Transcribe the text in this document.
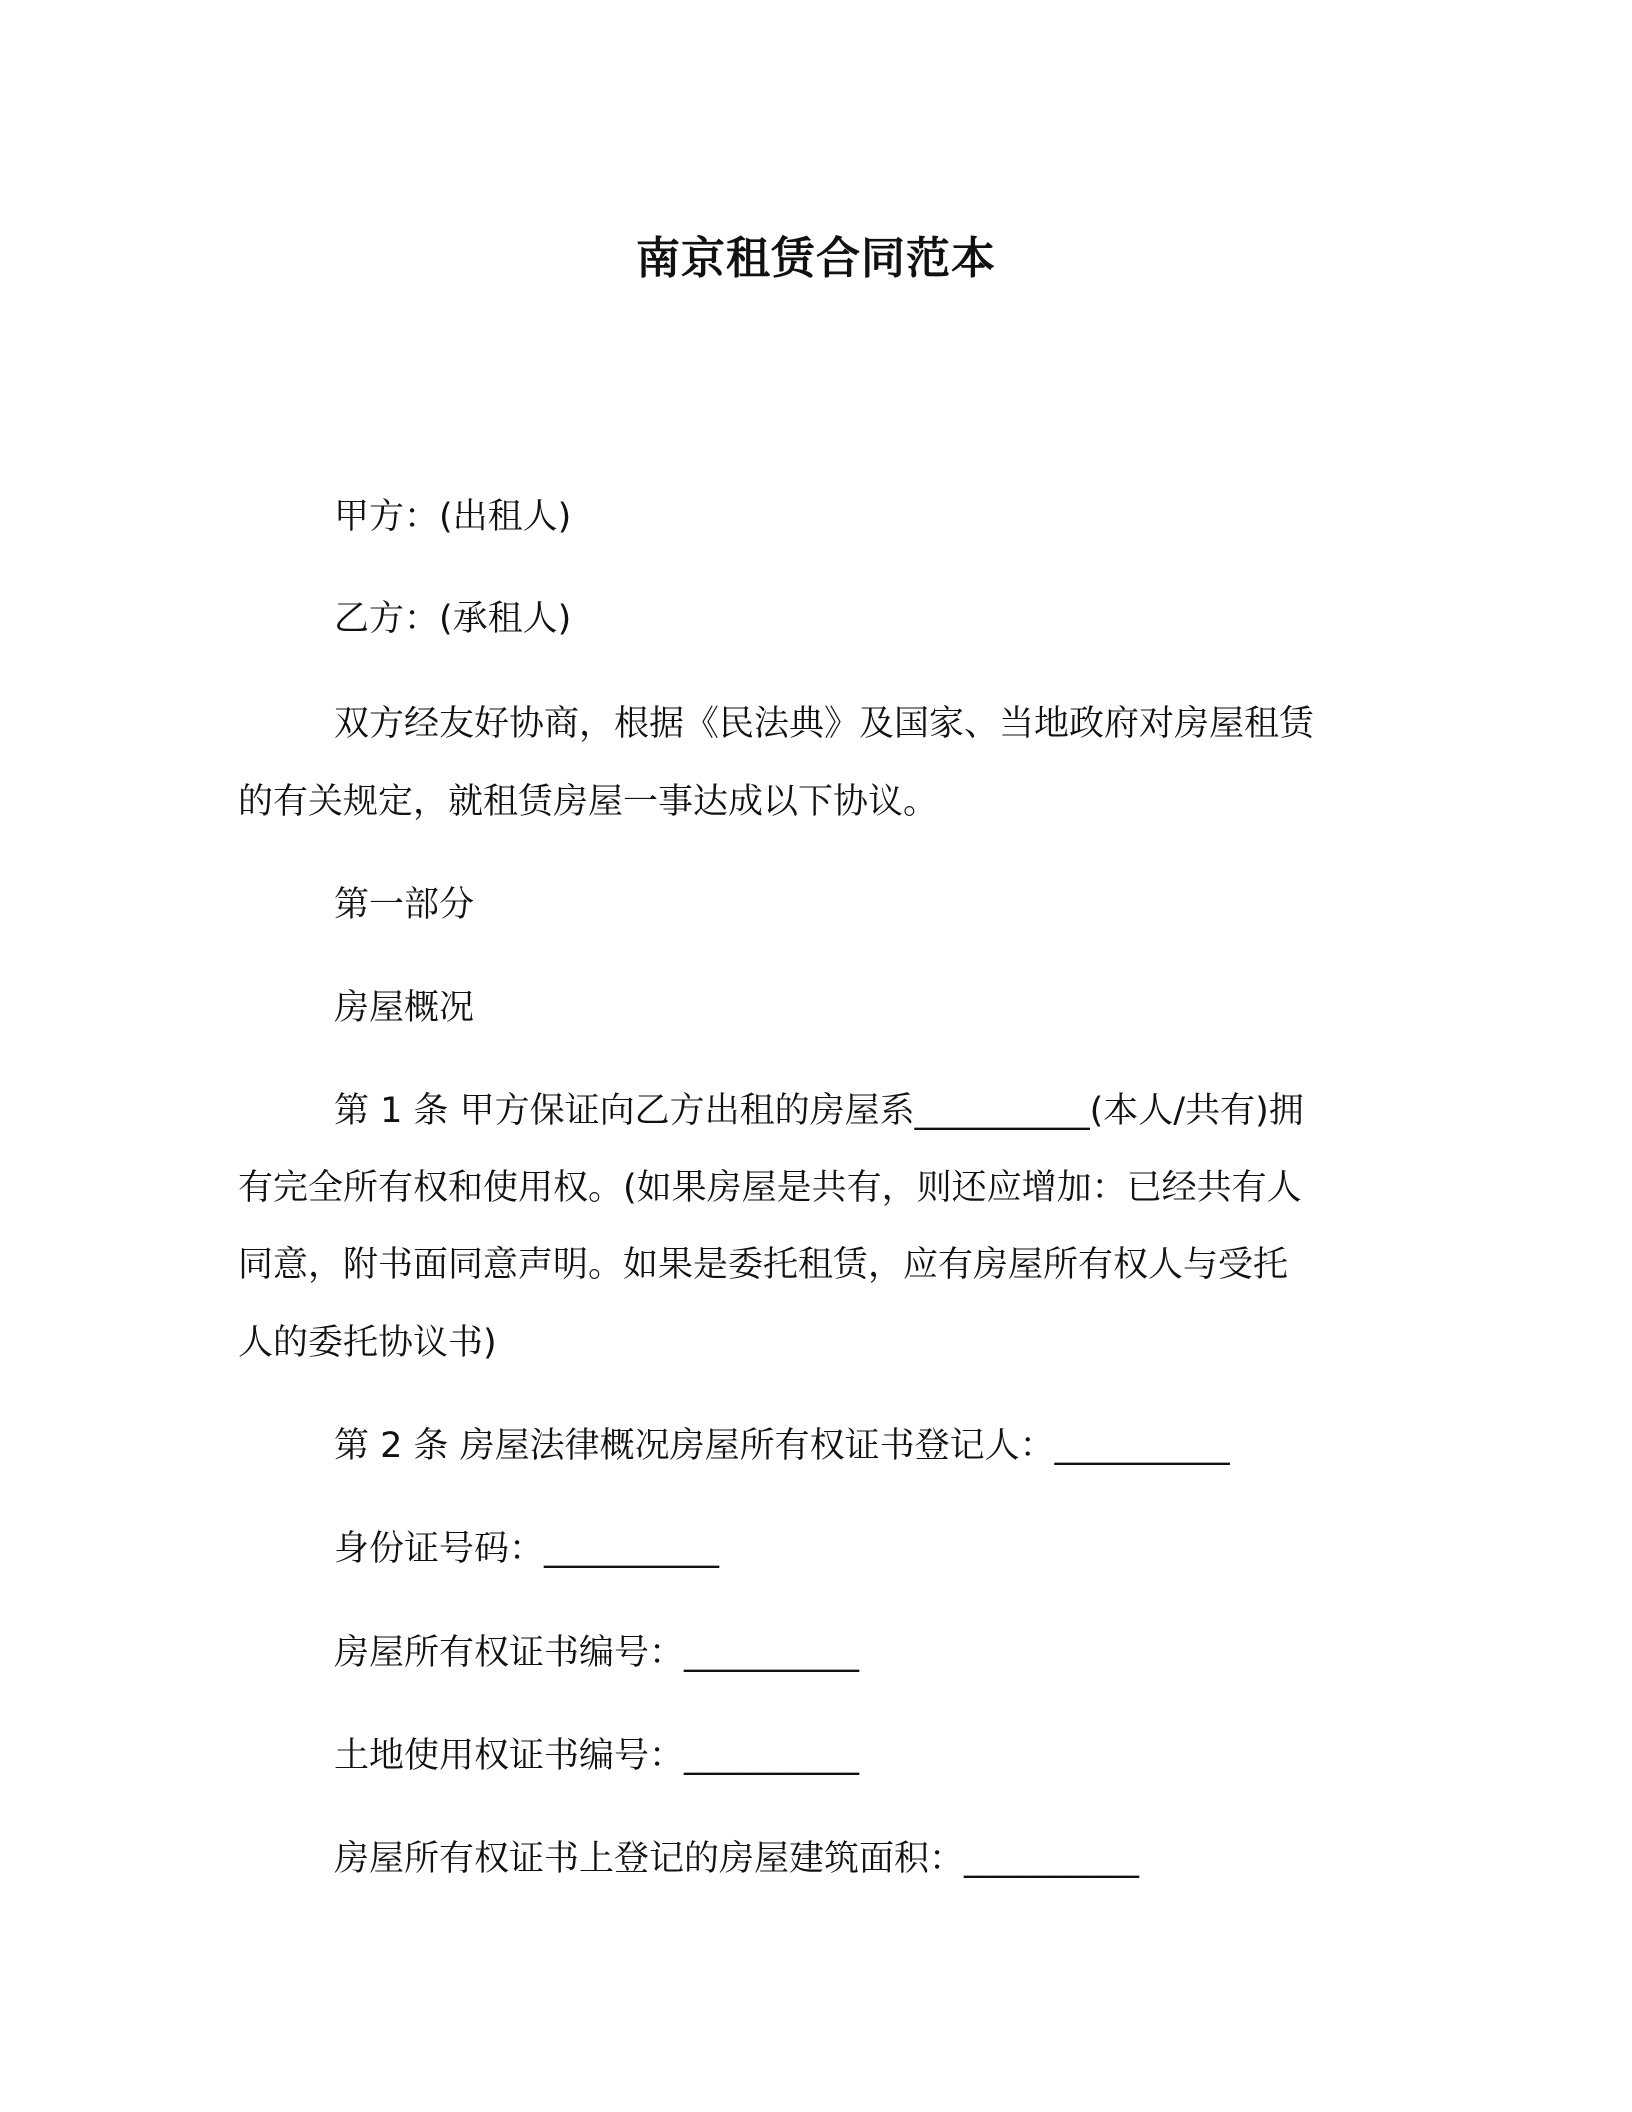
南京租赁合同范本
甲方：(出租人)
乙方：(承租人)
双方经友好协商，根据《民法典》及国家、当地政府对房屋租赁
的有关规定，就租赁房屋一事达成以下协议。
第一部分
房屋概况
第 1 条 甲方保证向乙方出租的房屋系__________(本人/共有)拥
有完全所有权和使用权。(如果房屋是共有，则还应增加：已经共有人
同意，附书面同意声明。如果是委托租赁，应有房屋所有权人与受托
人的委托协议书)
第 2 条 房屋法律概况房屋所有权证书登记人：__________
身份证号码：__________
房屋所有权证书编号：__________
土地使用权证书编号：__________
房屋所有权证书上登记的房屋建筑面积：__________
